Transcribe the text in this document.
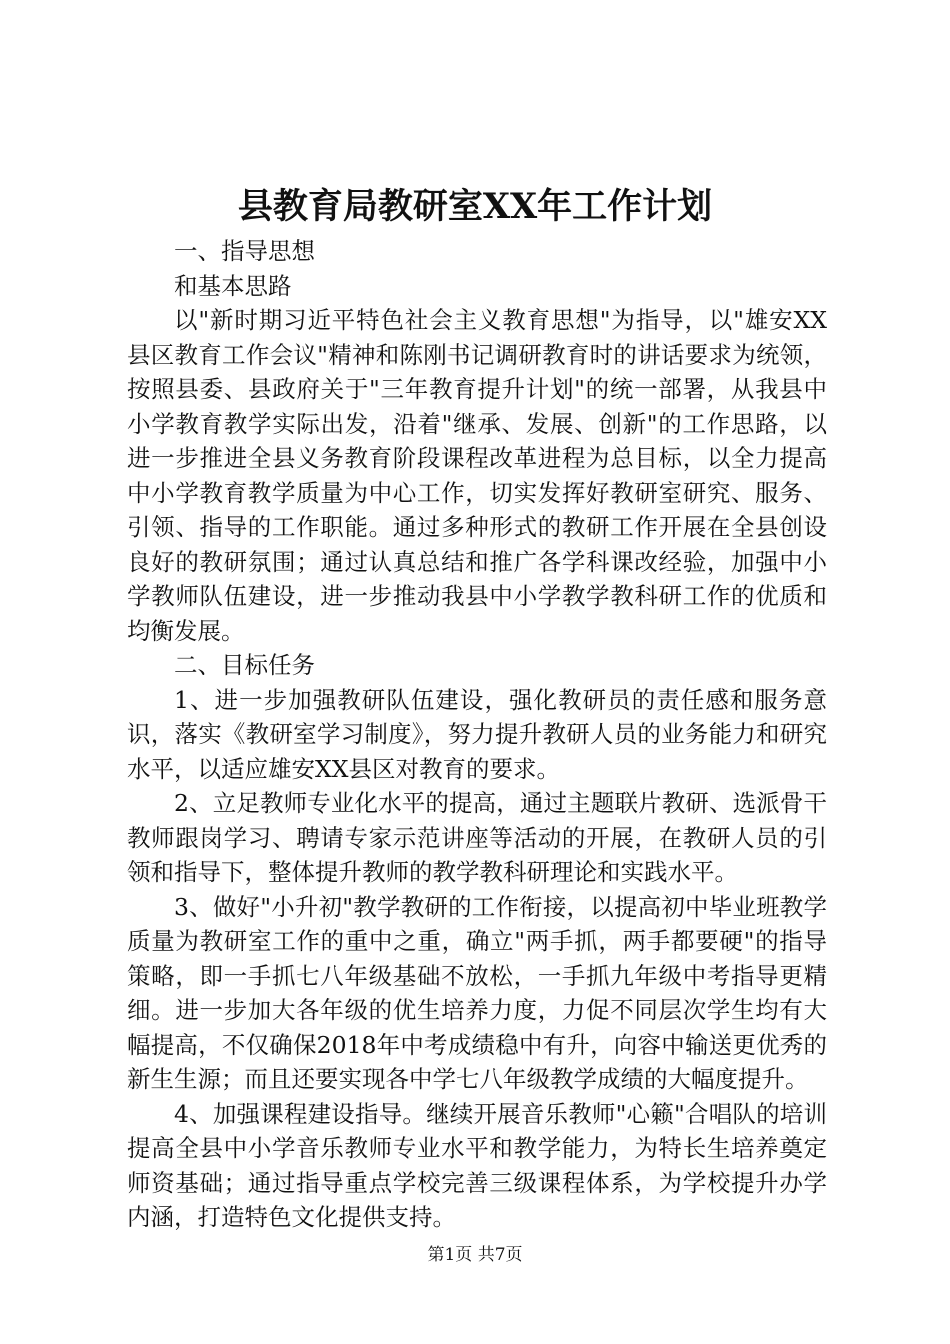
县教育局教研室XX年工作计划

一、指导思想

和基本思路

以"新时期习近平特色社会主义教育思想"为指导，以"雄安XX县区教育工作会议"精神和陈刚书记调研教育时的讲话要求为统领，按照县委、县政府关于"三年教育提升计划"的统一部署，从我县中小学教育教学实际出发，沿着"继承、发展、创新"的工作思路，以进一步推进全县义务教育阶段课程改革进程为总目标，以全力提高中小学教育教学质量为中心工作，切实发挥好教研室研究、服务、引领、指导的工作职能。通过多种形式的教研工作开展在全县创设良好的教研氛围；通过认真总结和推广各学科课改经验，加强中小学教师队伍建设，进一步推动我县中小学教学教科研工作的优质和均衡发展。

二、目标任务

1、进一步加强教研队伍建设，强化教研员的责任感和服务意识，落实《教研室学习制度》，努力提升教研人员的业务能力和研究水平，以适应雄安XX县区对教育的要求。

2、立足教师专业化水平的提高，通过主题联片教研、选派骨干教师跟岗学习、聘请专家示范讲座等活动的开展，在教研人员的引领和指导下，整体提升教师的教学教科研理论和实践水平。

3、做好"小升初"教学教研的工作衔接，以提高初中毕业班教学质量为教研室工作的重中之重，确立"两手抓，两手都要硬"的指导策略，即一手抓七八年级基础不放松，一手抓九年级中考指导更精细。进一步加大各年级的优生培养力度，力促不同层次学生均有大幅提高，不仅确保2018年中考成绩稳中有升，向容中输送更优秀的新生生源；而且还要实现各中学七八年级教学成绩的大幅度提升。

4、加强课程建设指导。继续开展音乐教师"心籁"合唱队的培训提高全县中小学音乐教师专业水平和教学能力，为特长生培养奠定师资基础；通过指导重点学校完善三级课程体系，为学校提升办学内涵，打造特色文化提供支持。

第1页 共7页
